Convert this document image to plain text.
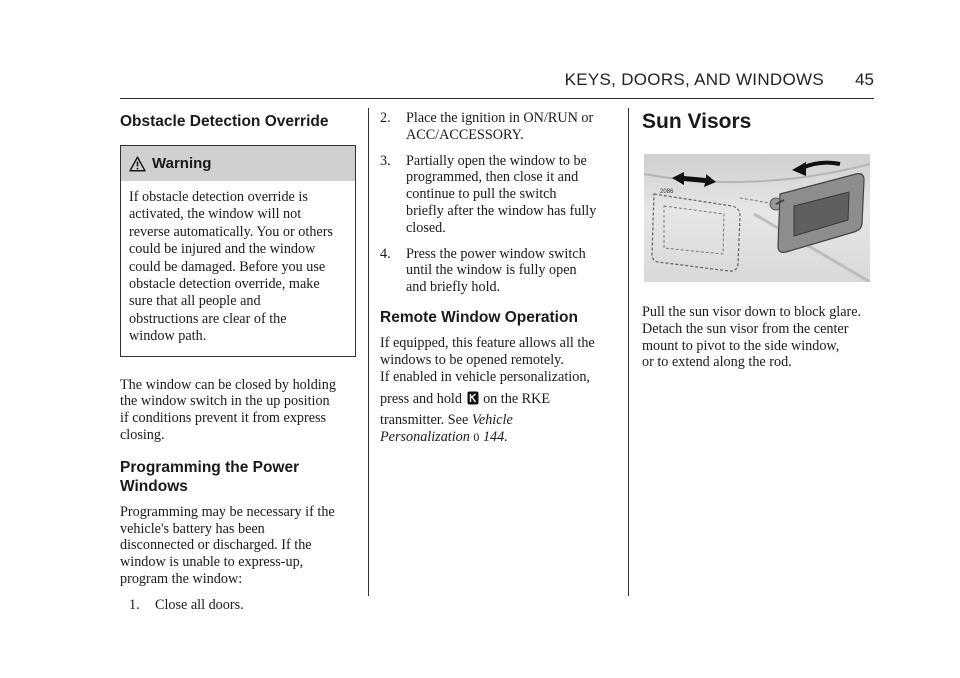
KEYS, DOORS, AND WINDOWS 45
Obstacle Detection Override
Warning
If obstacle detection override is
activated, the window will not
reverse automatically. You or others
could be injured and the window
could be damaged. Before you use
obstacle detection override, make
sure that all people and
obstructions are clear of the
window path.

The window can be closed by holding
the window switch in the up position
if conditions prevent it from express
closing.

Programming the Power
Windows

Programming may be necessary if the
vehicle's battery has been
disconnected or discharged. If the
window is unable to express-up,
program the window:

1.	Close all doors.
2.	Place the ignition in ON/RUN or
ACC/ACCESSORY.
3.	Partially open the window to be
programmed, then close it and
continue to pull the switch
briefly after the window has fully
closed.
4.	Press the power window switch
until the window is fully open
and briefly hold.
Remote Window Operation

If equipped, this feature allows all the
windows to be opened remotely.
If enabled in vehicle personalization,
press and hold on the RKE
transmitter. See Vehicle
Personalization 0 144.

Sun Visors
2086

Pull the sun visor down to block glare.
Detach the sun visor from the center
mount to pivot to the side window,
or to extend along the rod.
